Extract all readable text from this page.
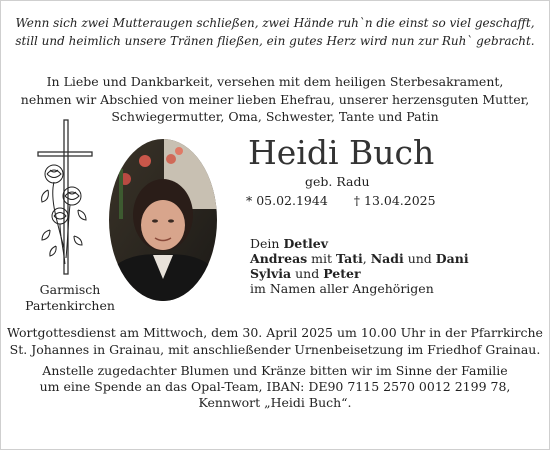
Wenn sich zwei Mutteraugen schließen, zwei Hände ruh`n die einst so viel geschafft,
still und heimlich unsere Tränen fließen, ein gutes Herz wird nun zur Ruh` gebracht.
In Liebe und Dankbarkeit, versehen mit dem heiligen Sterbesakrament,
nehmen wir Abschied von meiner lieben Ehefrau, unserer herzensguten Mutter,
Schwiegermutter, Oma, Schwester, Tante und Patin
Heidi Buch
geb. Radu
* 05.02.1944 † 13.04.2025
Dein Detlev
Andreas mit Tati, Nadi und Dani
Sylvia und Peter
im Namen aller Angehörigen
Garmisch
Partenkirchen
Wortgottesdienst am Mittwoch, dem 30. April 2025 um 10.00 Uhr in der Pfarrkirche
St. Johannes in Grainau, mit anschließender Urnenbeisetzung im Friedhof Grainau.
Anstelle zugedachter Blumen und Kränze bitten wir im Sinne der Familie
um eine Spende an das Opal-Team, IBAN: DE90 7115 2570 0012 2199 78,
Kennwort „Heidi Buch“.
